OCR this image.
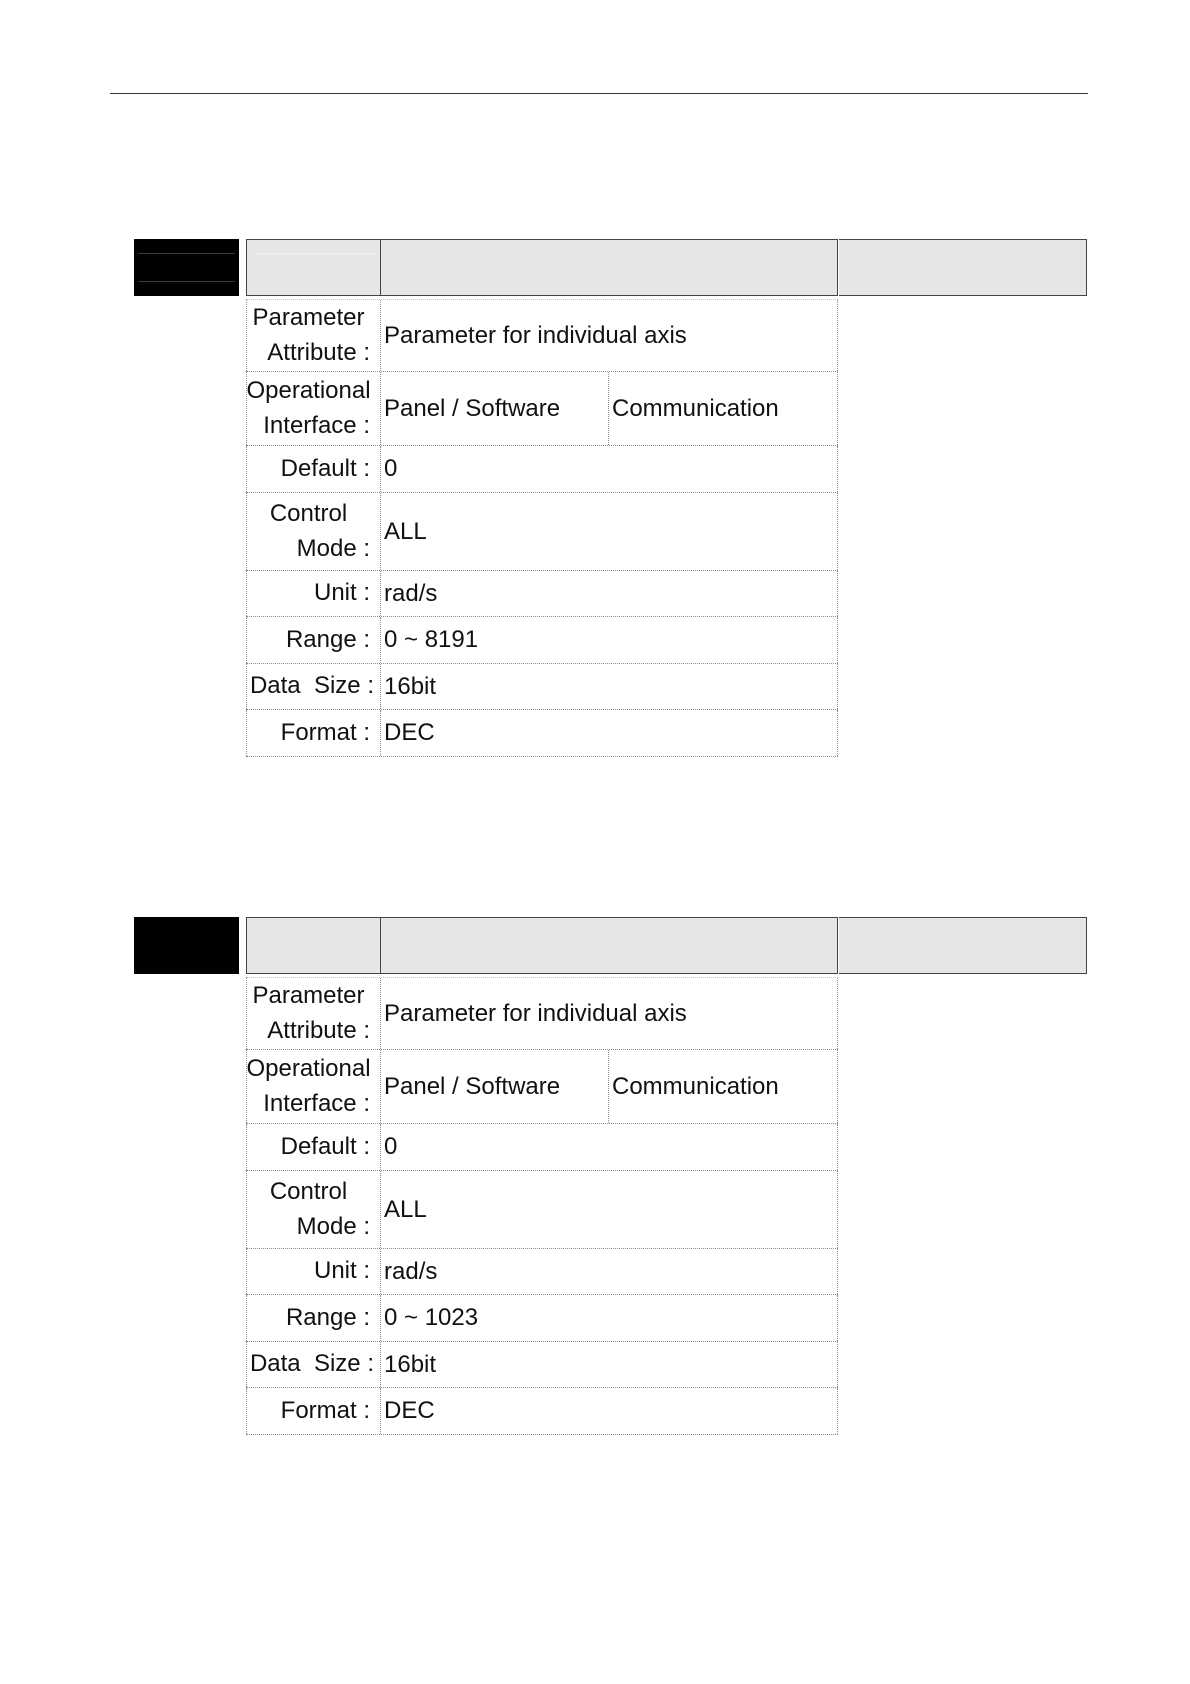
Parameter
Attribute :
Parameter for individual axis
Operational
Interface :
Panel / Software	Communication
Default : 0
Control
Mode :
ALL
Unit : rad/s
Range : 0 ~ 8191
Data  Size : 16bit
Format : DEC
Parameter
Attribute :
Parameter for individual axis
Operational
Interface :
Panel / Software	Communication
Default : 0
Control
Mode :
ALL
Unit : rad/s
Range : 0 ~ 1023
Data  Size : 16bit
Format : DEC
